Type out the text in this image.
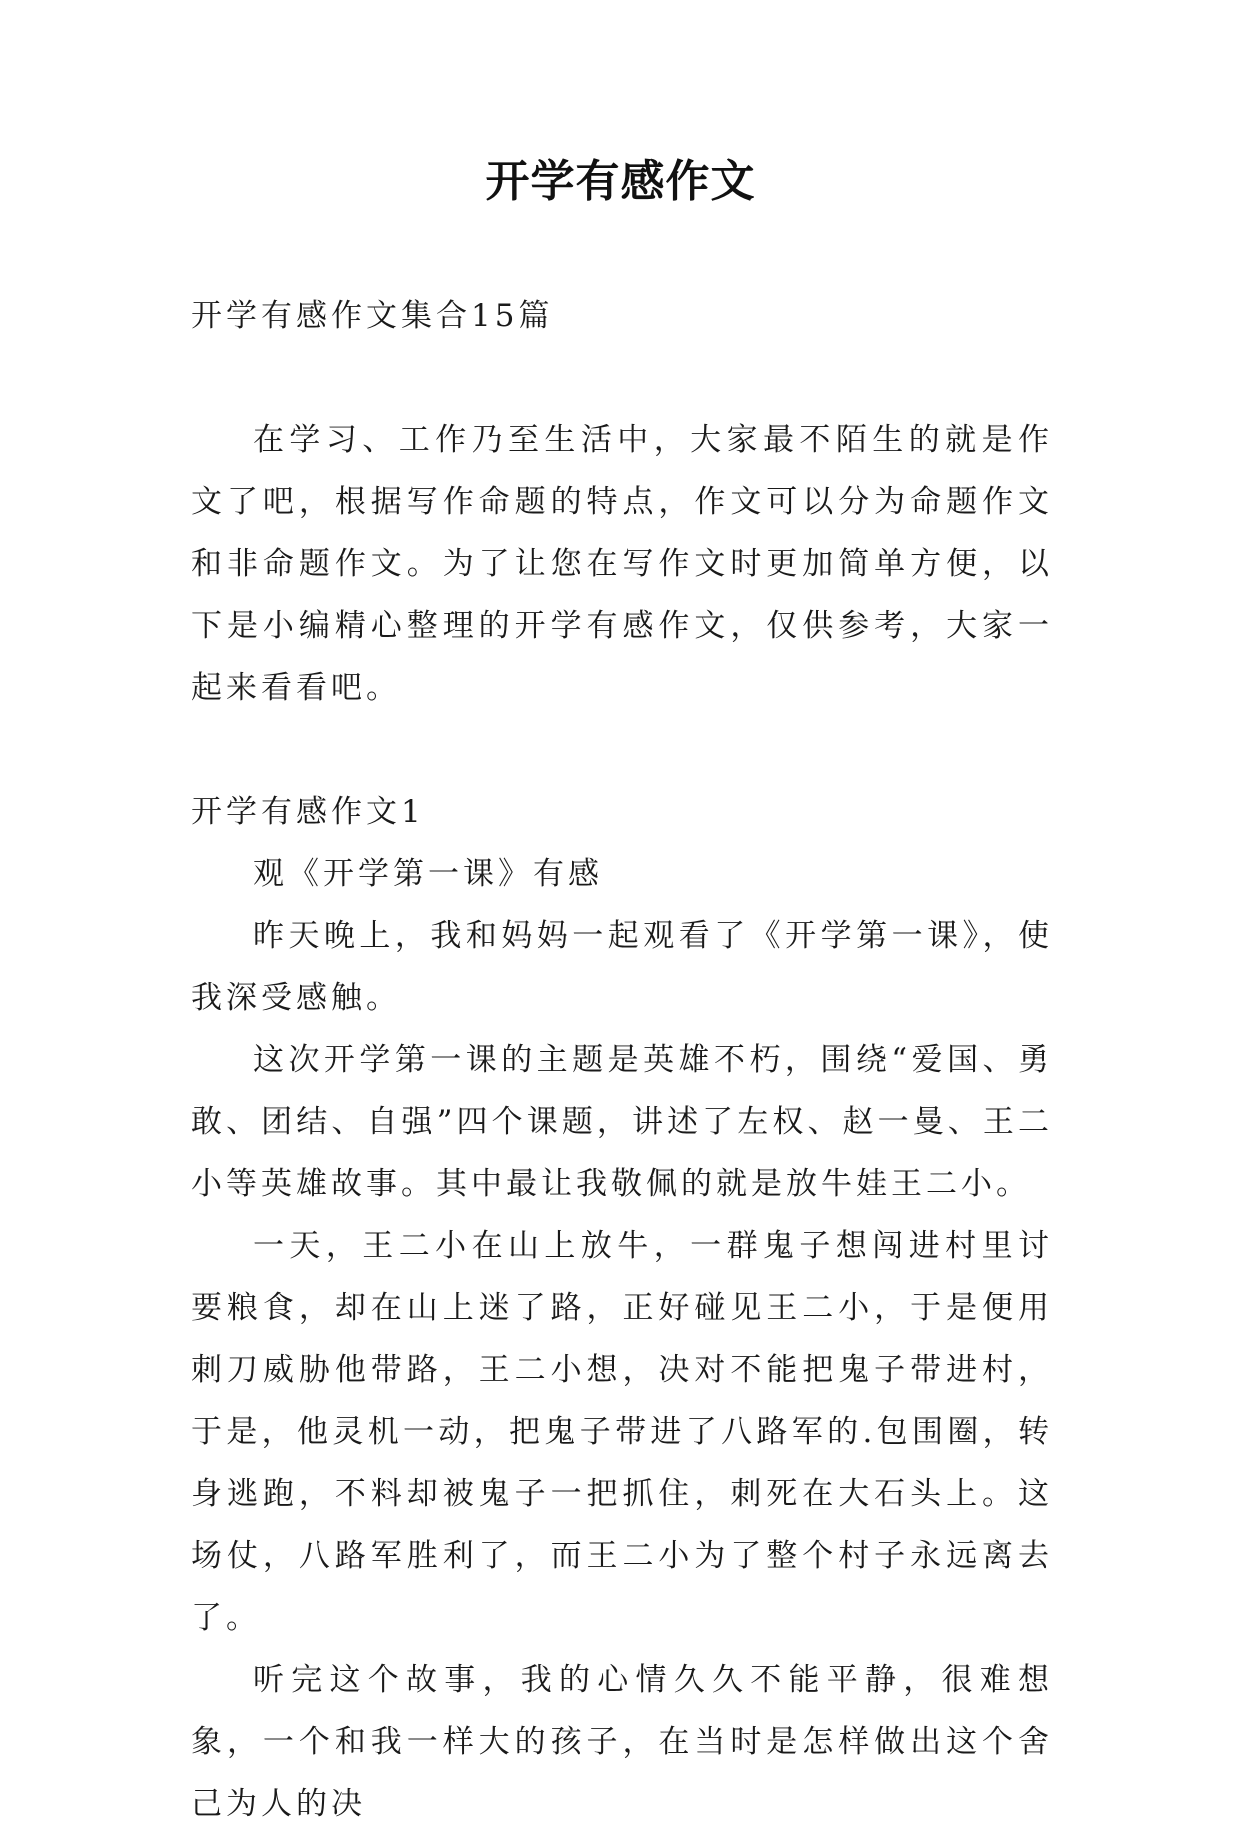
开学有感作文

开学有感作文集合15篇

在学习、工作乃至生活中，大家最不陌生的就是作文了吧，根据写作命题的特点，作文可以分为命题作文和非命题作文。为了让您在写作文时更加简单方便，以下是小编精心整理的开学有感作文，仅供参考，大家一起来看看吧。

开学有感作文1

观《开学第一课》有感

昨天晚上，我和妈妈一起观看了《开学第一课》，使我深受感触。

这次开学第一课的主题是英雄不朽，围绕“爱国、勇敢、团结、自强”四个课题，讲述了左权、赵一曼、王二小等英雄故事。其中最让我敬佩的就是放牛娃王二小。

一天，王二小在山上放牛，一群鬼子想闯进村里讨要粮食，却在山上迷了路，正好碰见王二小，于是便用刺刀威胁他带路，王二小想，决对不能把鬼子带进村，于是，他灵机一动，把鬼子带进了八路军的.包围圈，转身逃跑，不料却被鬼子一把抓住，刺死在大石头上。这场仗，八路军胜利了，而王二小为了整个村子永远离去了。

听完这个故事，我的心情久久不能平静，很难想象，一个和我一样大的孩子，在当时是怎样做出这个舍己为人的决
